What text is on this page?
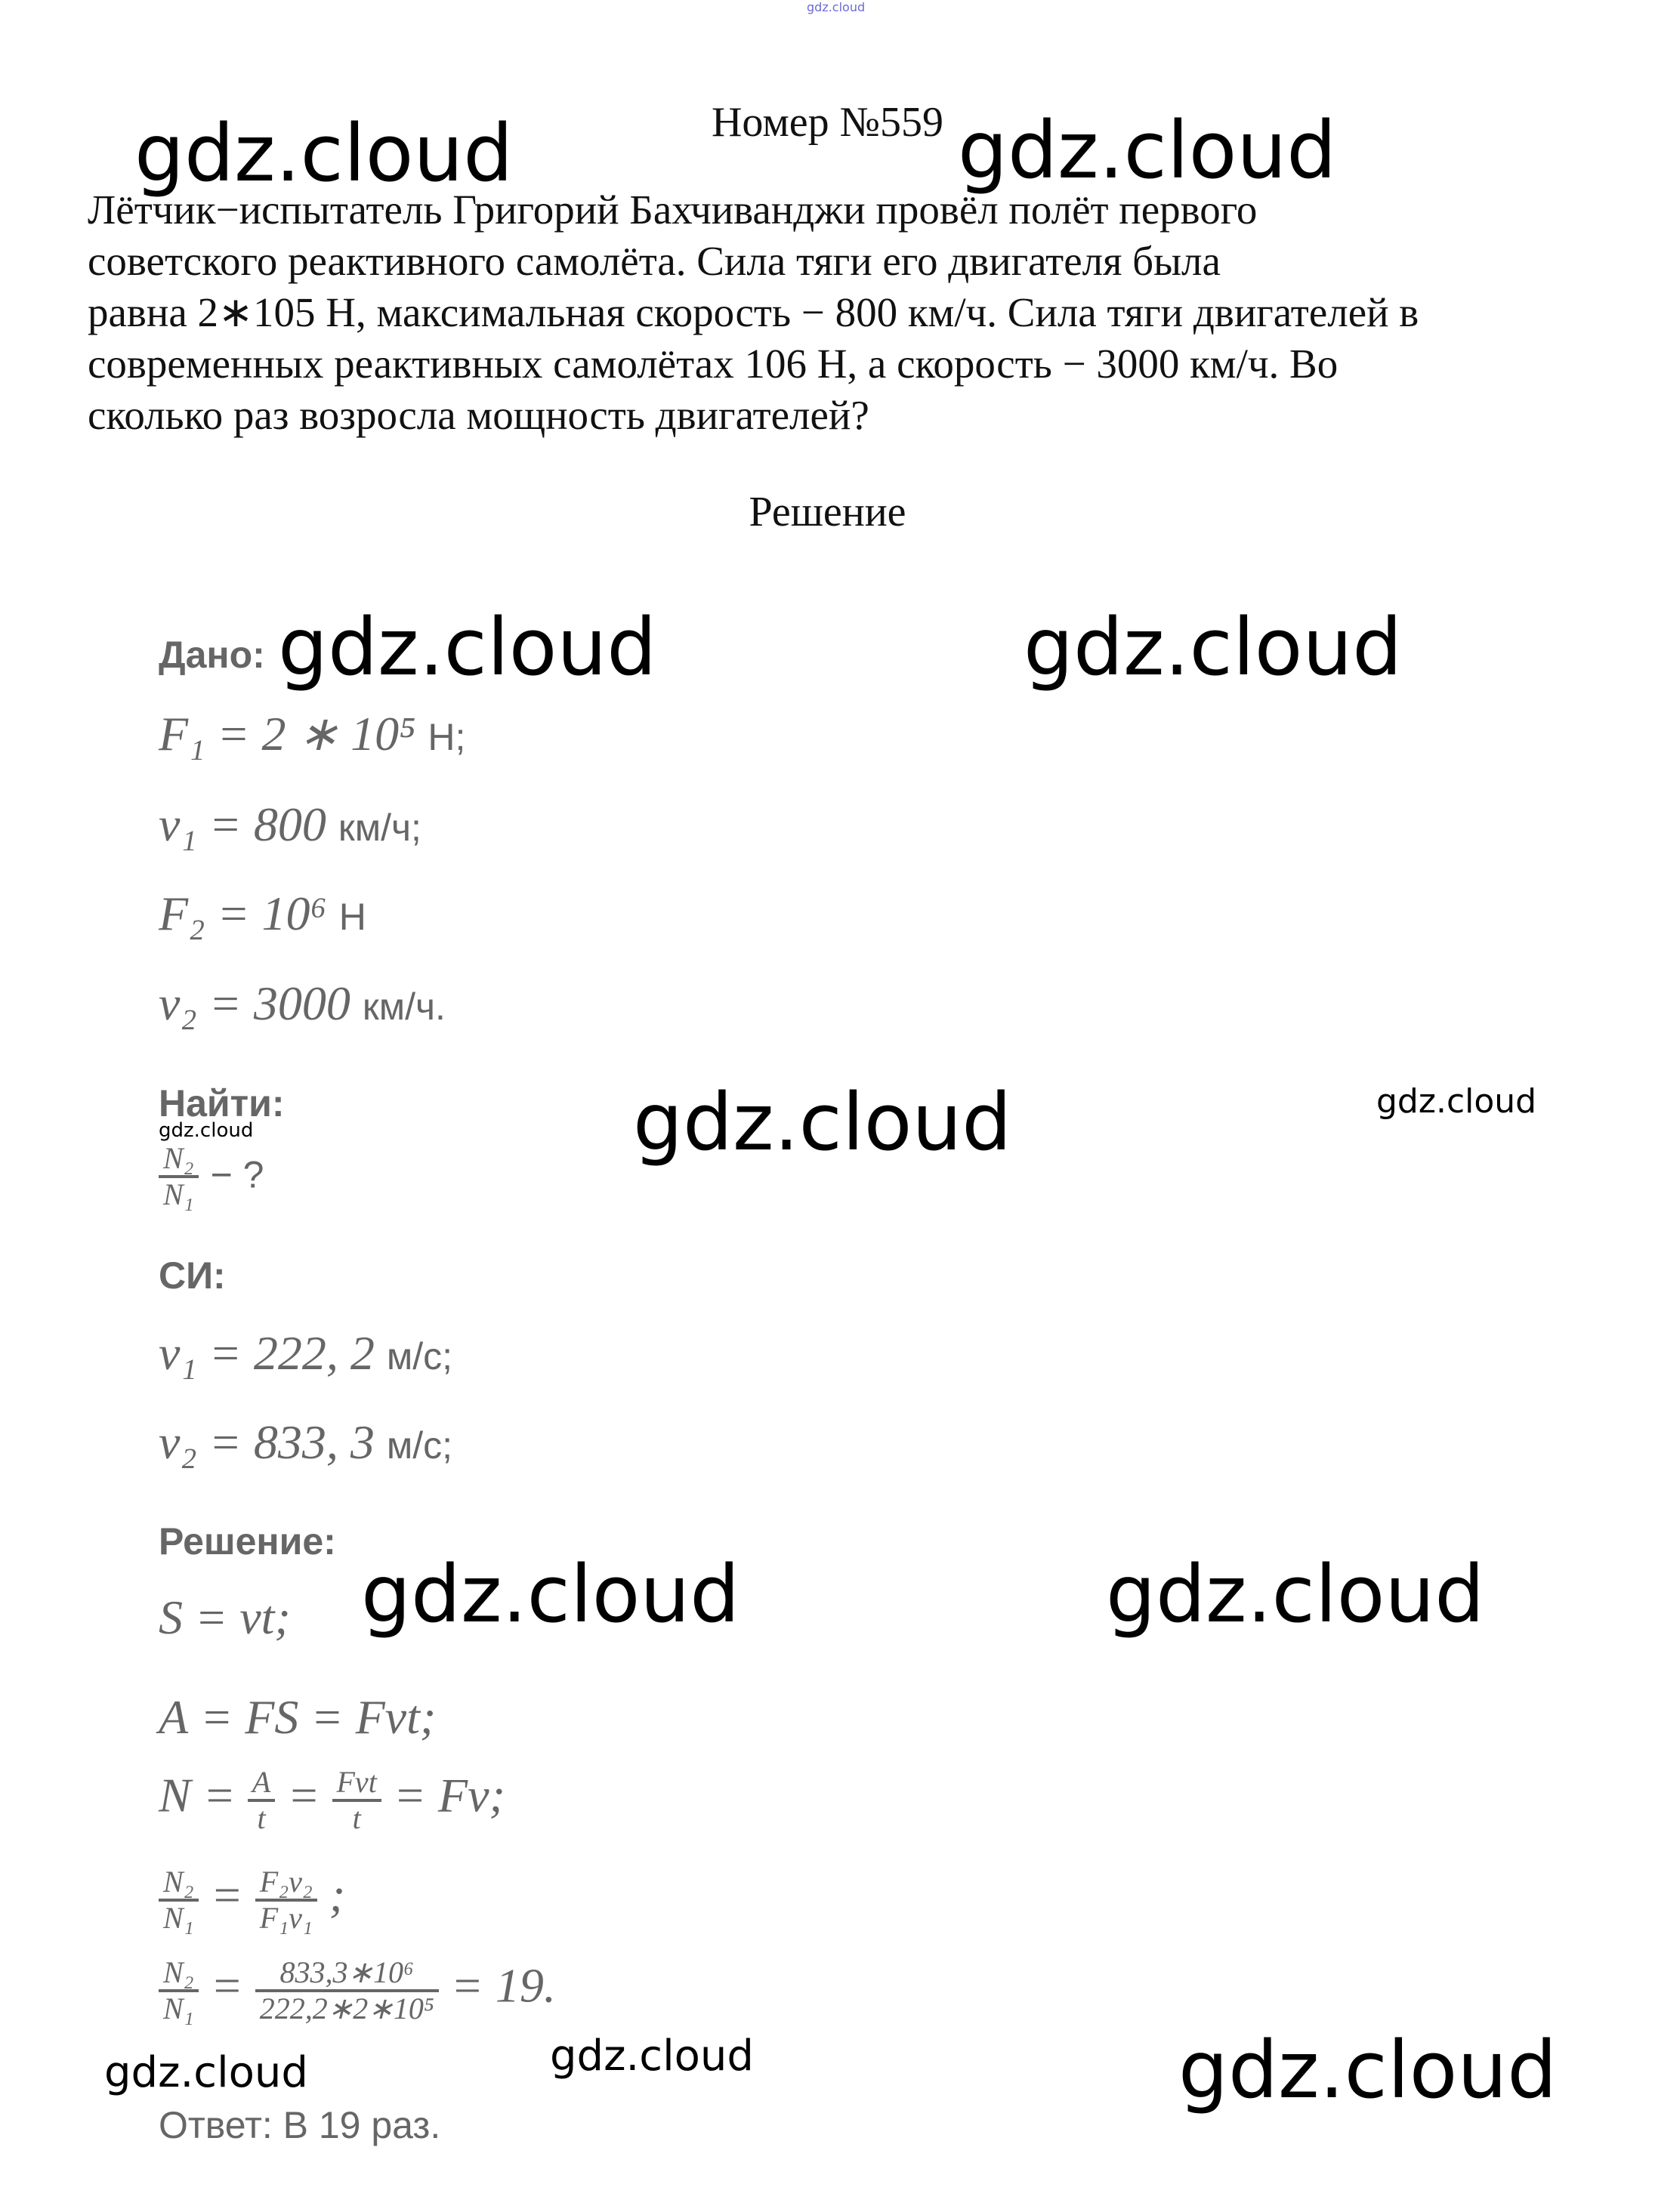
gdz.cloud
Номер №559

Лётчик−испытатель Григорий Бахчиванджи провёл полёт первого

советского реактивного самолёта. Сила тяги его двигателя была

равна 2∗105 Н, максимальная скорость − 800 км/ч. Сила тяги двигателей в

современных реактивных самолётах 106 Н, а скорость − 3000 км/ч. Во

сколько раз возросла мощность двигателей?

Решение
Дано:
F₁ = 2 ∗ 10⁵ Н;
v₁ = 800 км/ч;
F₂ = 10⁶ Н
v₂ = 3000 км/ч.
Найти:
$\frac{\text{N₂}}{\text{N₁}}$ − ?
СИ:
v₁ = 222, 2 м/с;
v₂ = 833, 3 м/с;
Решение:
S = vt;
А = FS = Fvt;
$N = \frac{A}{t} = \frac{\text{Fvt}}{t} = Fv$;
$\frac{\text{N₂}}{\text{N₁}} = \frac{\text{F₂v₂}}{\text{F₁v₁}}$ ;
$\frac{\text{N₂}}{\text{N₁}} = \frac{\text{833,3∗10⁶}}{\text{222,2∗2∗10⁵}} = 19$.
Ответ: В 19 раз.
gdz.cloud	gdz.cloud
gdz.cloud	gdz.cloud
gdz.cloud	gdz.cloud
gdz.cloud
gdz.cloud	gdz.cloud
gdz.cloud
gdz.cloud	gdz.cloud
